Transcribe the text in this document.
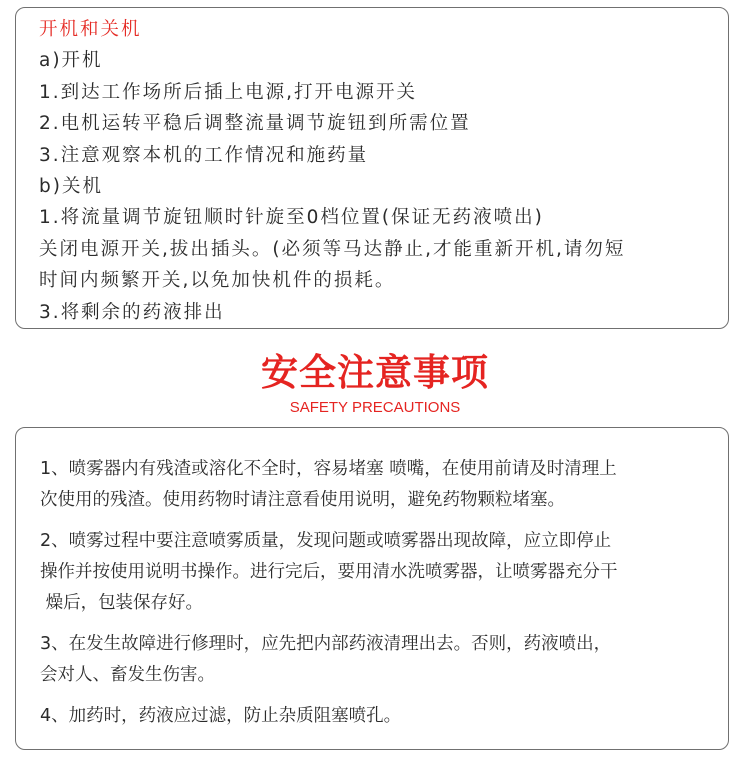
开机和关机
a)开机
1.到达工作场所后插上电源,打开电源开关
2.电机运转平稳后调整流量调节旋钮到所需位置
3.注意观察本机的工作情况和施药量
b)关机
1.将流量调节旋钮顺时针旋至0档位置(保证无药液喷出)
关闭电源开关,拔出插头。(必须等马达静止,才能重新开机,请勿短
时间内频繁开关,以免加快机件的损耗。
3.将剩余的药液排出
安全注意事项
SAFETY PRECAUTIONS
1、喷雾器内有残渣或溶化不全时，容易堵塞 喷嘴，在使用前请及时清理上
次使用的残渣。使用药物时请注意看使用说明，避免药物颗粒堵塞。
2、喷雾过程中要注意喷雾质量，发现问题或喷雾器出现故障，应立即停止
操作并按使用说明书操作。进行完后，要用清水洗喷雾器，让喷雾器充分干
燥后，包装保存好。
3、在发生故障进行修理时，应先把内部药液清理出去。否则，药液喷出，
会对人、畜发生伤害。
4、加药时，药液应过滤，防止杂质阻塞喷孔。
